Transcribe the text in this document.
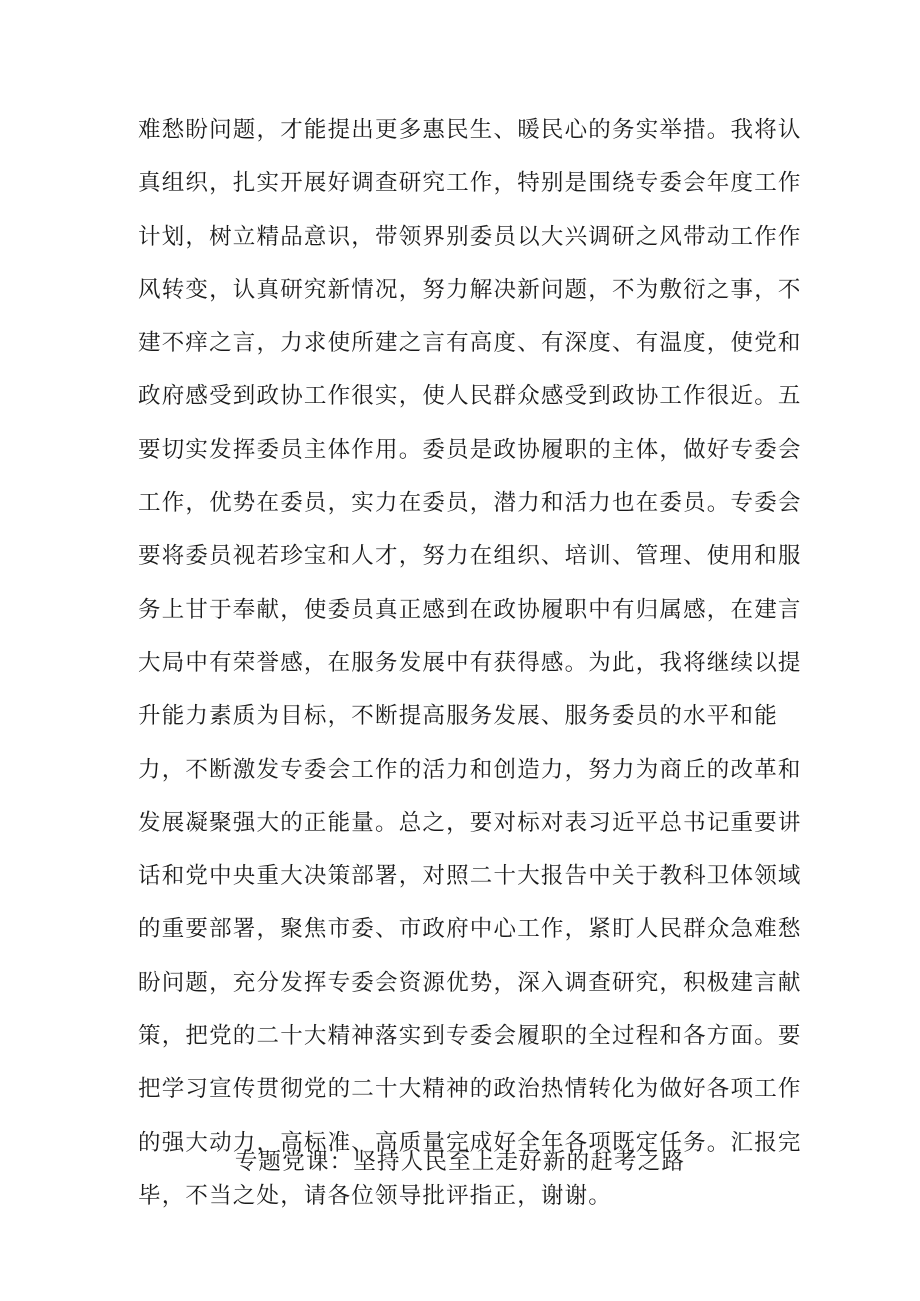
难愁盼问题，才能提出更多惠民生、暖民心的务实举措。我将认
真组织，扎实开展好调查研究工作，特别是围绕专委会年度工作
计划，树立精品意识，带领界别委员以大兴调研之风带动工作作
风转变，认真研究新情况，努力解决新问题，不为敷衍之事，不
建不痒之言，力求使所建之言有高度、有深度、有温度，使党和
政府感受到政协工作很实，使人民群众感受到政协工作很近。五
要切实发挥委员主体作用。委员是政协履职的主体，做好专委会
工作，优势在委员，实力在委员，潜力和活力也在委员。专委会
要将委员视若珍宝和人才，努力在组织、培训、管理、使用和服
务上甘于奉献，使委员真正感到在政协履职中有归属感，在建言
大局中有荣誉感，在服务发展中有获得感。为此，我将继续以提
升能力素质为目标，不断提高服务发展、服务委员的水平和能
力，不断激发专委会工作的活力和创造力，努力为商丘的改革和
发展凝聚强大的正能量。总之，要对标对表习近平总书记重要讲
话和党中央重大决策部署，对照二十大报告中关于教科卫体领域
的重要部署，聚焦市委、市政府中心工作，紧盯人民群众急难愁
盼问题，充分发挥专委会资源优势，深入调查研究，积极建言献
策，把党的二十大精神落实到专委会履职的全过程和各方面。要
把学习宣传贯彻党的二十大精神的政治热情转化为做好各项工作
的强大动力，高标准、高质量完成好全年各项既定任务。汇报完
毕，不当之处，请各位领导批评指正，谢谢。
专题党课：坚持人民至上走好新的赶考之路
